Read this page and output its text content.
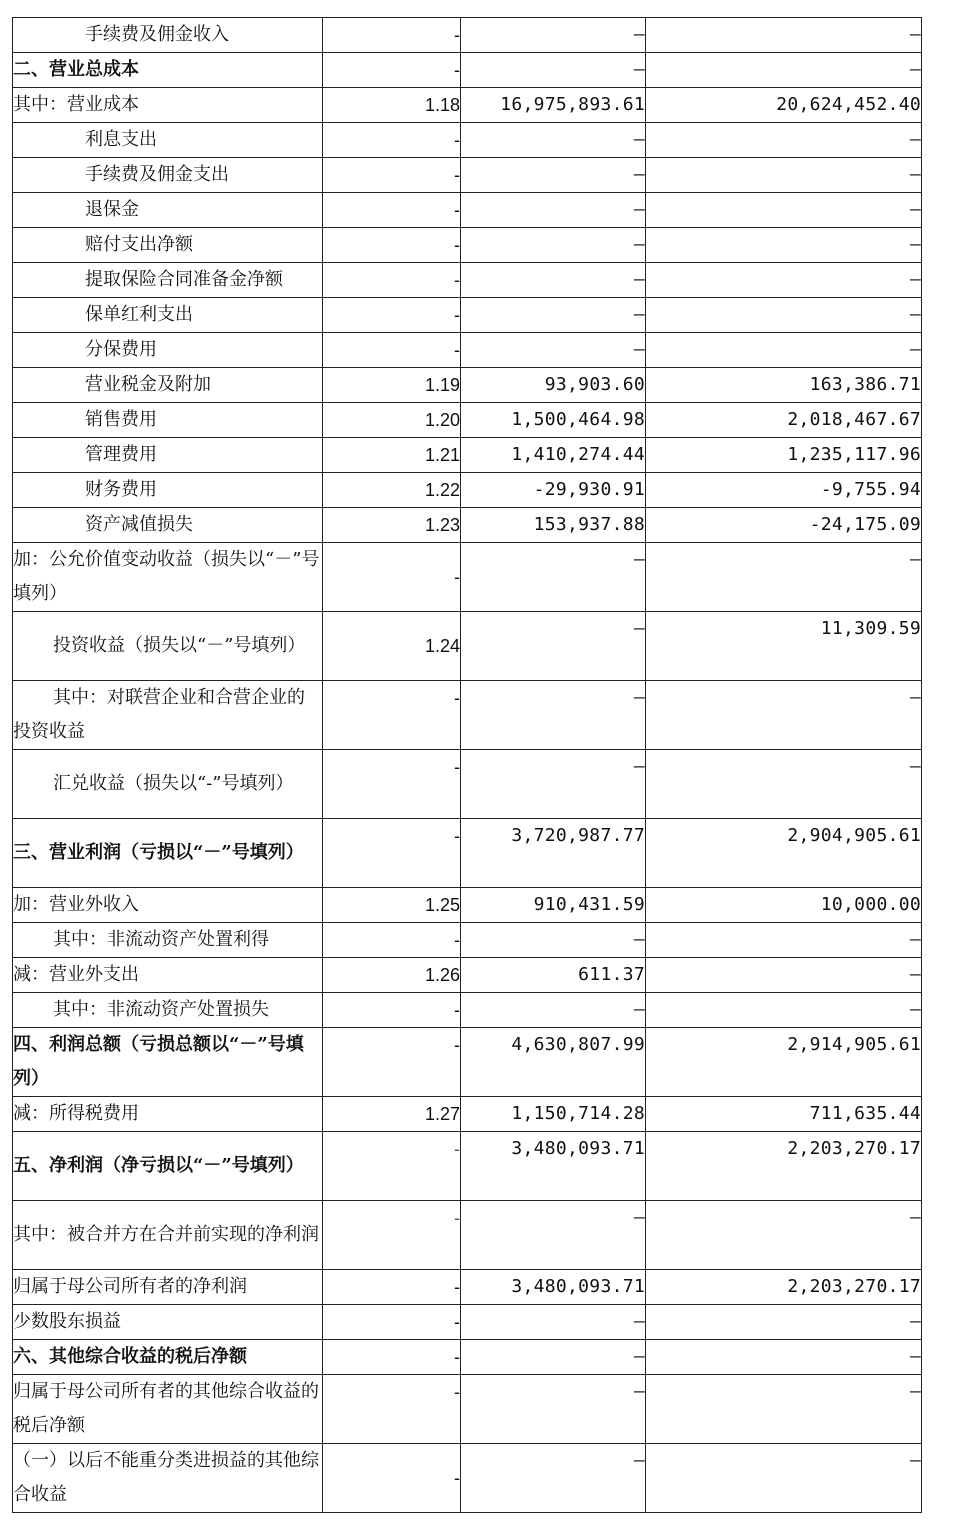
手续费及佣金收入	-	–	–
二、营业总成本	-	–	–
其中：营业成本	1.18	16,975,893.61	20,624,452.40
利息支出	-	–	–
手续费及佣金支出	-	–	–
退保金	-	–	–
赔付支出净额	-	–	–
提取保险合同准备金净额	-	–	–
保单红利支出	-	–	–
分保费用	-	–	–
营业税金及附加	1.19	93,903.60	163,386.71
销售费用	1.20	1,500,464.98	2,018,467.67
管理费用	1.21	1,410,274.44	1,235,117.96
财务费用	1.22	-29,930.91	-9,755.94
资产减值损失	1.23	153,937.88	-24,175.09
加：公允价值变动收益（损失以“－”号填列）	-	–	–
投资收益（损失以“－”号填列）	1.24	–	11,309.59
其中：对联营企业和合营企业的投资收益	-	–	–
汇兑收益（损失以“-”号填列）	-	–	–
三、营业利润（亏损以“－”号填列）	-	3,720,987.77	2,904,905.61
加：营业外收入	1.25	910,431.59	10,000.00
其中：非流动资产处置利得	-	–	–
减：营业外支出	1.26	611.37	–
其中：非流动资产处置损失	-	–	–
四、利润总额（亏损总额以“－”号填列）	-	4,630,807.99	2,914,905.61
减：所得税费用	1.27	1,150,714.28	711,635.44
五、净利润（净亏损以“－”号填列）	-	3,480,093.71	2,203,270.17
其中：被合并方在合并前实现的净利润	-	–	–
归属于母公司所有者的净利润	-	3,480,093.71	2,203,270.17
少数股东损益	-	–	–
六、其他综合收益的税后净额	-	–	–
归属于母公司所有者的其他综合收益的税后净额	-	–	–
（一）以后不能重分类进损益的其他综合收益	-	–	–
